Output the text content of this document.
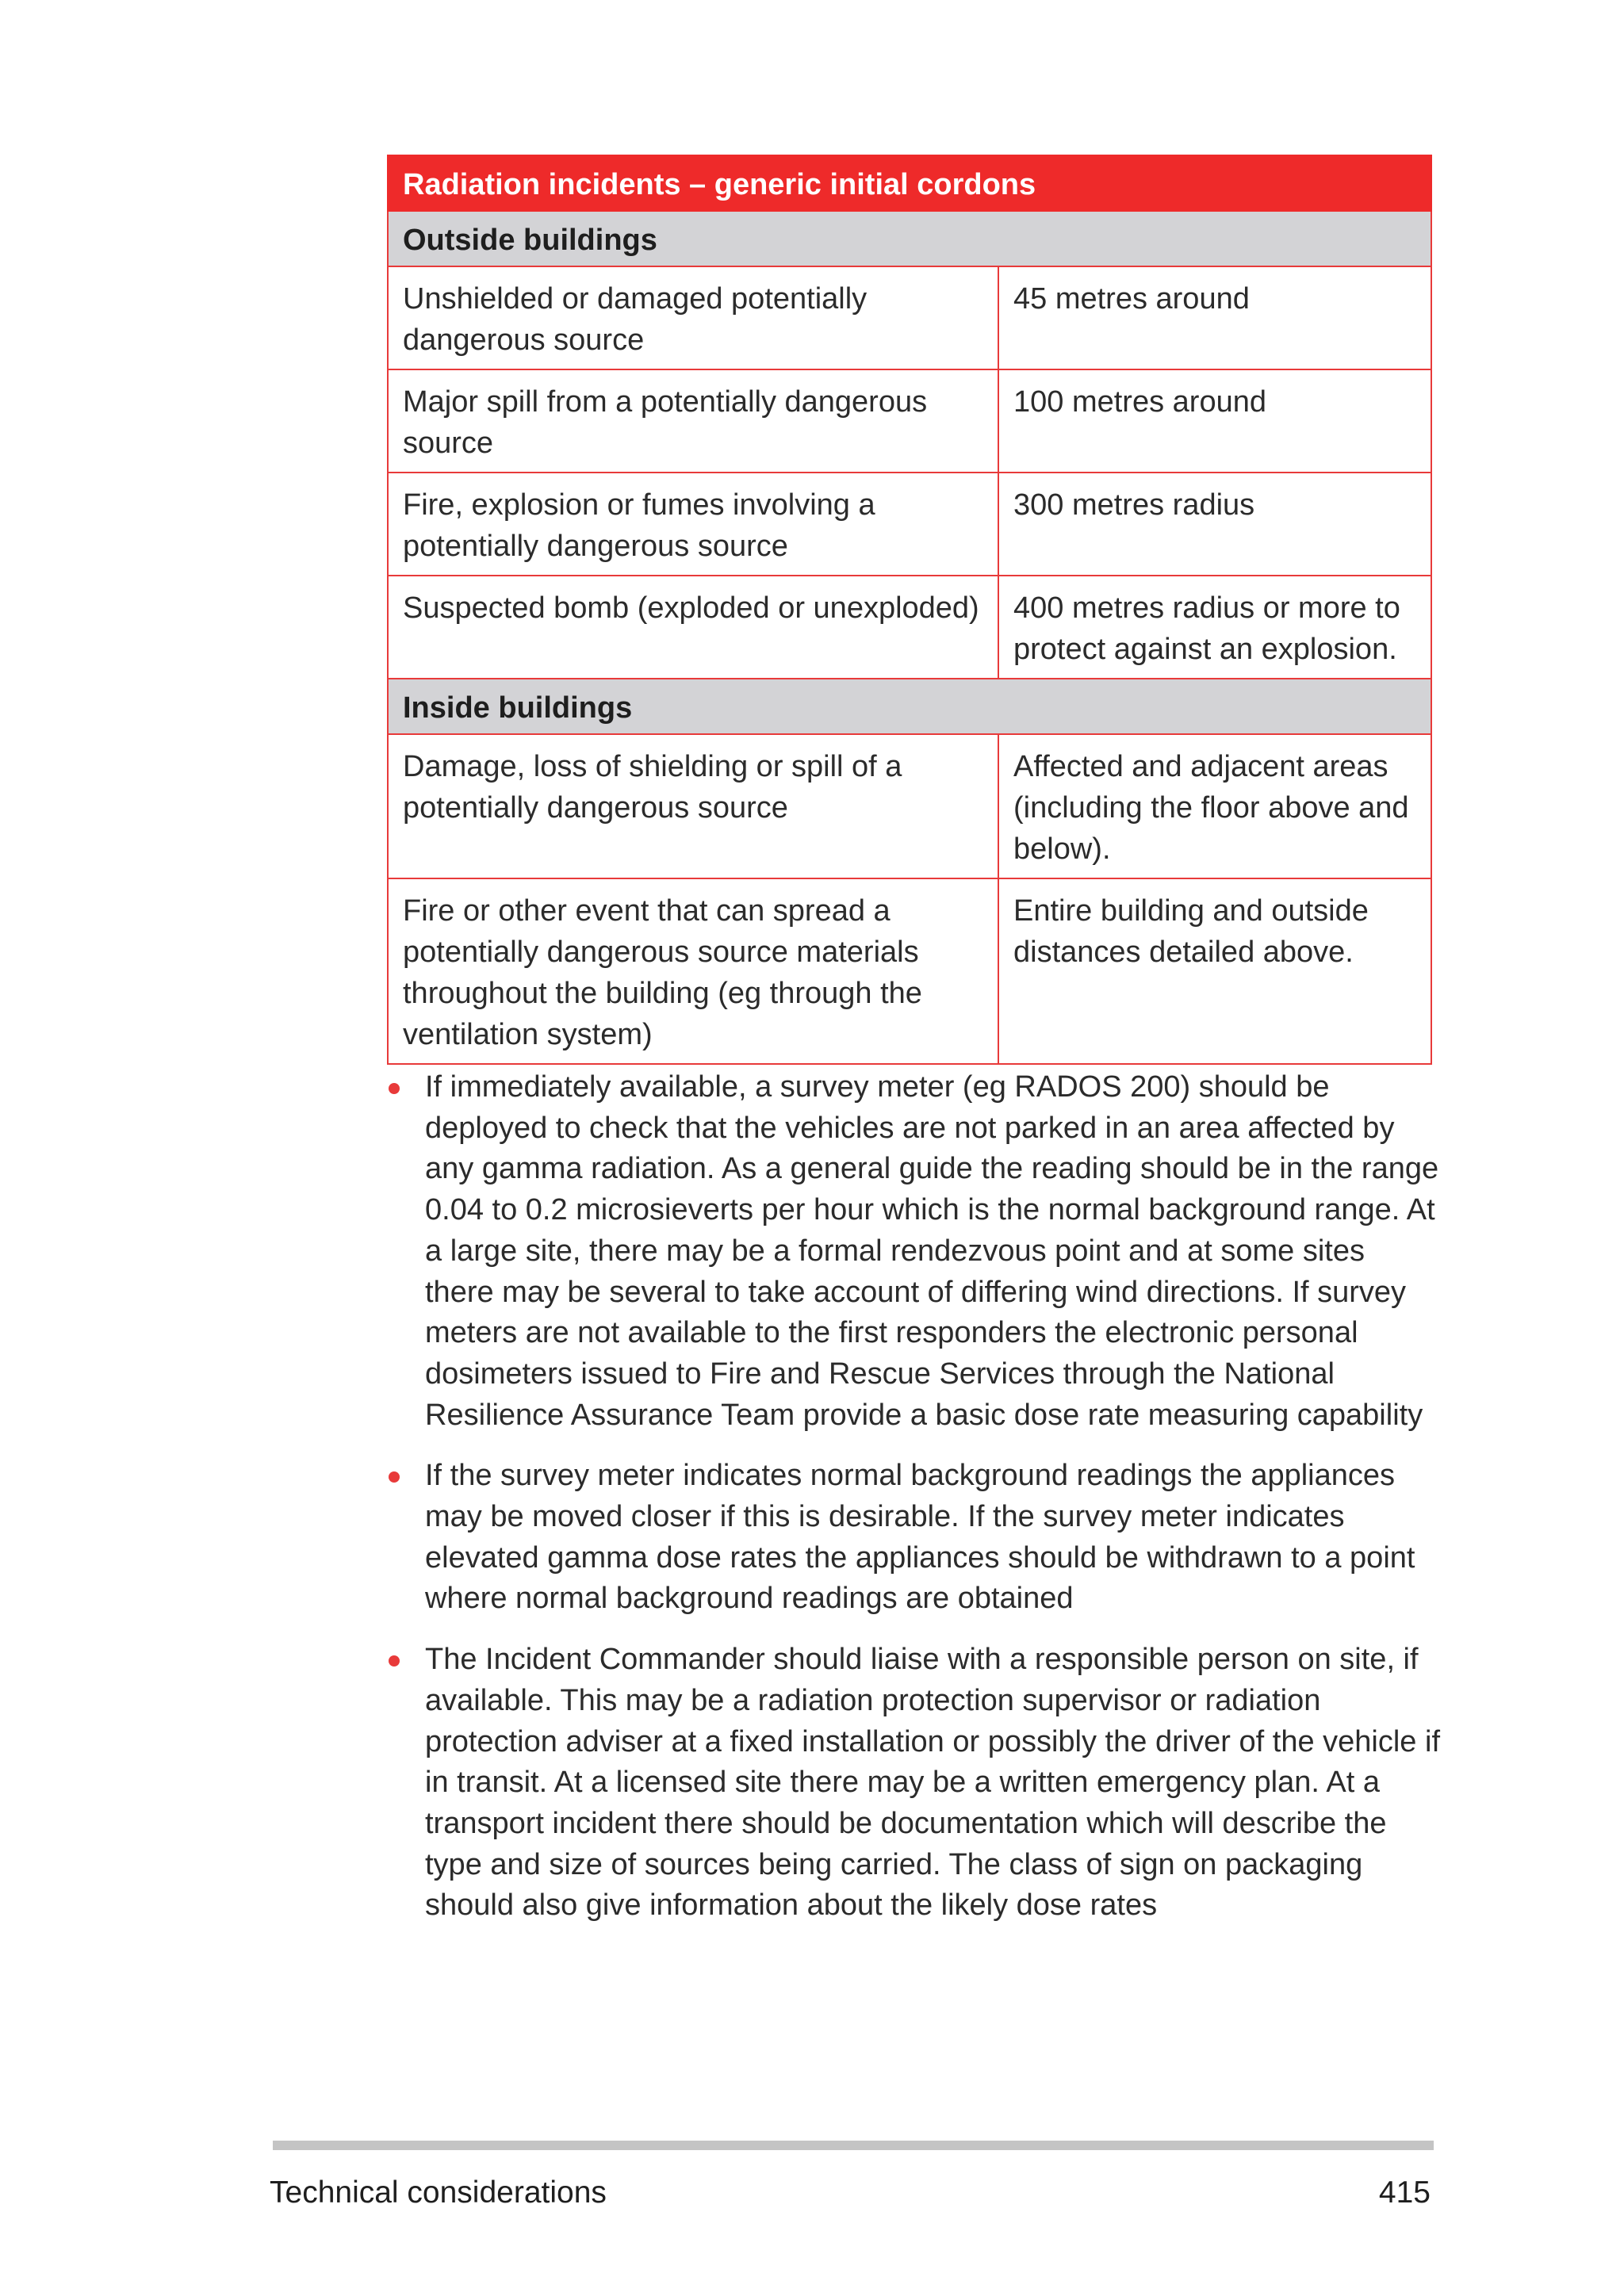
Radiation incidents – generic initial cordons	
Outside buildings	
Unshielded or damaged potentially dangerous source	45 metres around
Major spill from a potentially dangerous source	100 metres around
Fire, explosion or fumes involving a potentially dangerous source	300 metres radius
Suspected bomb (exploded or unexploded)	400 metres radius or more to protect against an explosion.
Inside buildings	
Damage, loss of shielding or spill of a potentially dangerous source	Affected and adjacent areas (including the floor above and below).
Fire or other event that can spread a potentially dangerous source materials throughout the building (eg through the ventilation system)	Entire building and outside distances detailed above.
If immediately available, a survey meter (eg RADOS 200) should be deployed to check that the vehicles are not parked in an area affected by any gamma radiation. As a general guide the reading should be in the range 0.04 to 0.2 microsieverts per hour which is the normal background range. At a large site, there may be a formal rendezvous point and at some sites there may be several to take account of differing wind directions. If survey meters are not available to the first responders the electronic personal dosimeters issued to Fire and Rescue Services through the National Resilience Assurance Team provide a basic dose rate measuring capability
If the survey meter indicates normal background readings the appliances may be moved closer if this is desirable. If the survey meter indicates elevated gamma dose rates the appliances should be withdrawn to a point where normal background readings are obtained
The Incident Commander should liaise with a responsible person on site, if available. This may be a radiation protection supervisor or radiation protection adviser at a fixed installation or possibly the driver of the vehicle if in transit. At a licensed site there may be a written emergency plan. At a transport incident there should be documentation which will describe the type and size of sources being carried. The class of sign on packaging should also give information about the likely dose rates
Technical considerations	415
